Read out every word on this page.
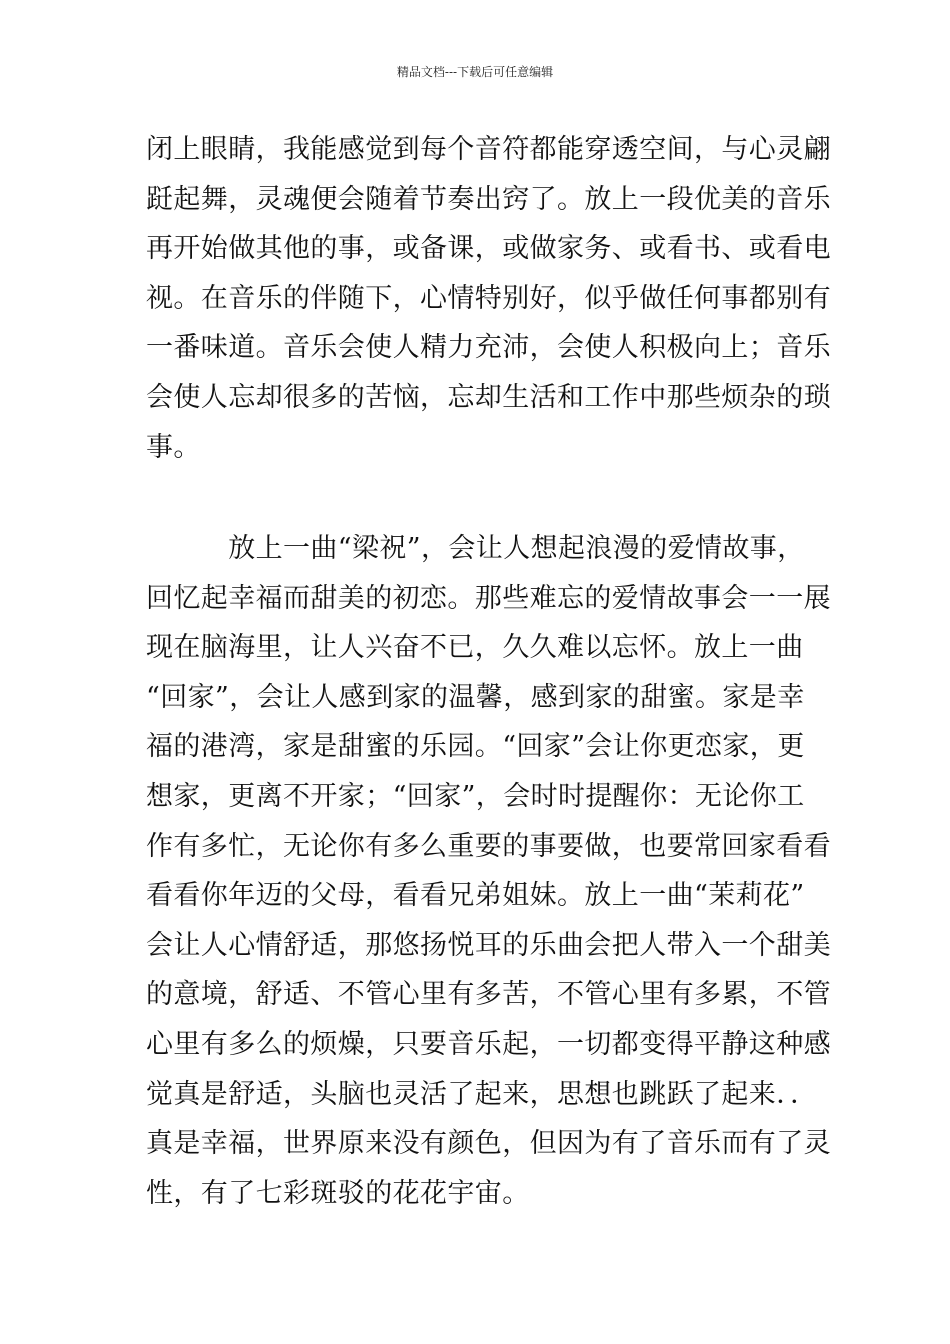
精品文档---下载后可任意编辑
闭上眼睛，我能感觉到每个音符都能穿透空间，与心灵翩
跹起舞，灵魂便会随着节奏出窍了。放上一段优美的音乐
再开始做其他的事，或备课，或做家务、或看书、或看电
视。在音乐的伴随下，心情特别好，似乎做任何事都别有
一番味道。音乐会使人精力充沛，会使人积极向上；音乐
会使人忘却很多的苦恼，忘却生活和工作中那些烦杂的琐
事。
　　　放上一曲“梁祝”，会让人想起浪漫的爱情故事，
回忆起幸福而甜美的初恋。那些难忘的爱情故事会一一展
现在脑海里，让人兴奋不已，久久难以忘怀。放上一曲
“回家”，会让人感到家的温馨，感到家的甜蜜。家是幸
福的港湾，家是甜蜜的乐园。“回家”会让你更恋家，更
想家，更离不开家；“回家”，会时时提醒你：无论你工
作有多忙，无论你有多么重要的事要做，也要常回家看看
看看你年迈的父母，看看兄弟姐妹。放上一曲“茉莉花”
会让人心情舒适，那悠扬悦耳的乐曲会把人带入一个甜美
的意境，舒适、不管心里有多苦，不管心里有多累，不管
心里有多么的烦燥，只要音乐起，一切都变得平静这种感
觉真是舒适，头脑也灵活了起来，思想也跳跃了起来．．
真是幸福，世界原来没有颜色，但因为有了音乐而有了灵
性，有了七彩斑驳的花花宇宙。
